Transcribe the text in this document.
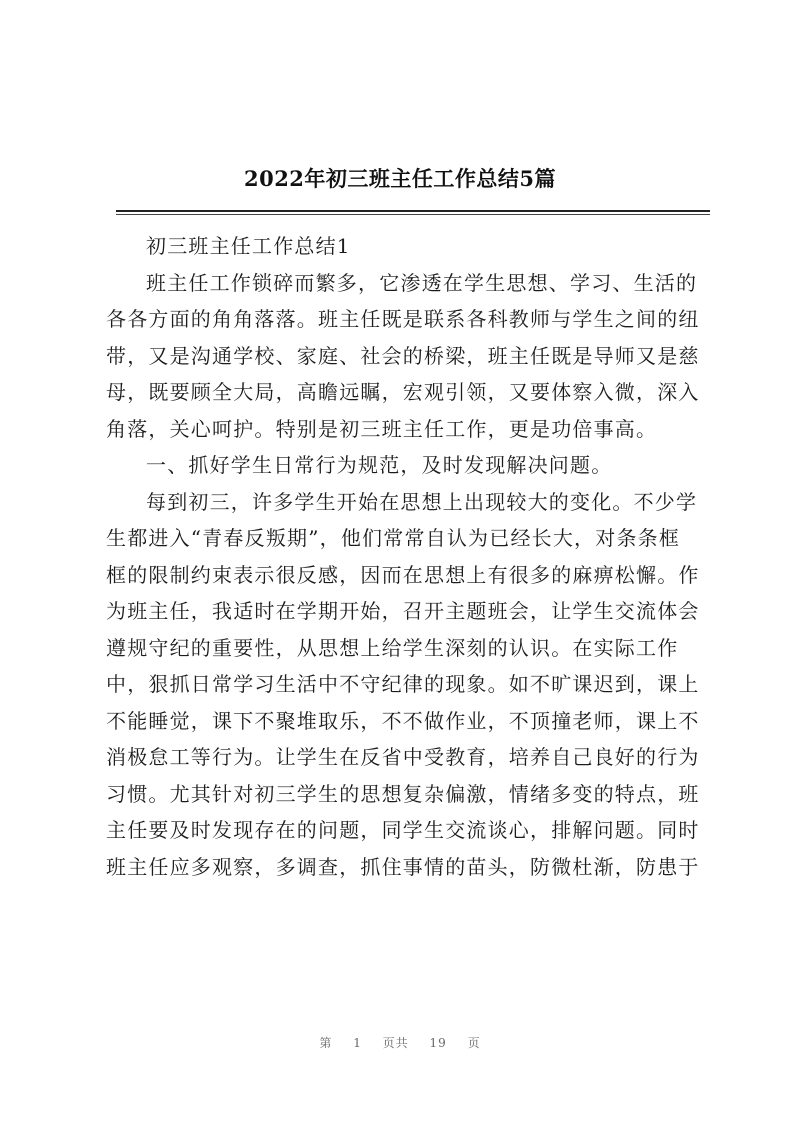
2022年初三班主任工作总结5篇
初三班主任工作总结1
班主任工作锁碎而繁多，它渗透在学生思想、学习、生活的
各各方面的角角落落。班主任既是联系各科教师与学生之间的纽
带，又是沟通学校、家庭、社会的桥梁，班主任既是导师又是慈
母，既要顾全大局，高瞻远瞩，宏观引领，又要体察入微，深入
角落，关心呵护。特别是初三班主任工作，更是功倍事高。
一、抓好学生日常行为规范，及时发现解决问题。
每到初三，许多学生开始在思想上出现较大的变化。不少学
生都进入“青春反叛期”，他们常常自认为已经长大，对条条框
框的限制约束表示很反感，因而在思想上有很多的麻痹松懈。作
为班主任，我适时在学期开始，召开主题班会，让学生交流体会
遵规守纪的重要性，从思想上给学生深刻的认识。在实际工作
中，狠抓日常学习生活中不守纪律的现象。如不旷课迟到，课上
不能睡觉，课下不聚堆取乐，不不做作业，不顶撞老师，课上不
消极怠工等行为。让学生在反省中受教育，培养自己良好的行为
习惯。尤其针对初三学生的思想复杂偏激，情绪多变的特点，班
主任要及时发现存在的问题，同学生交流谈心，排解问题。同时
班主任应多观察，多调查，抓住事情的苗头，防微杜渐，防患于
第 1 页共 19 页
